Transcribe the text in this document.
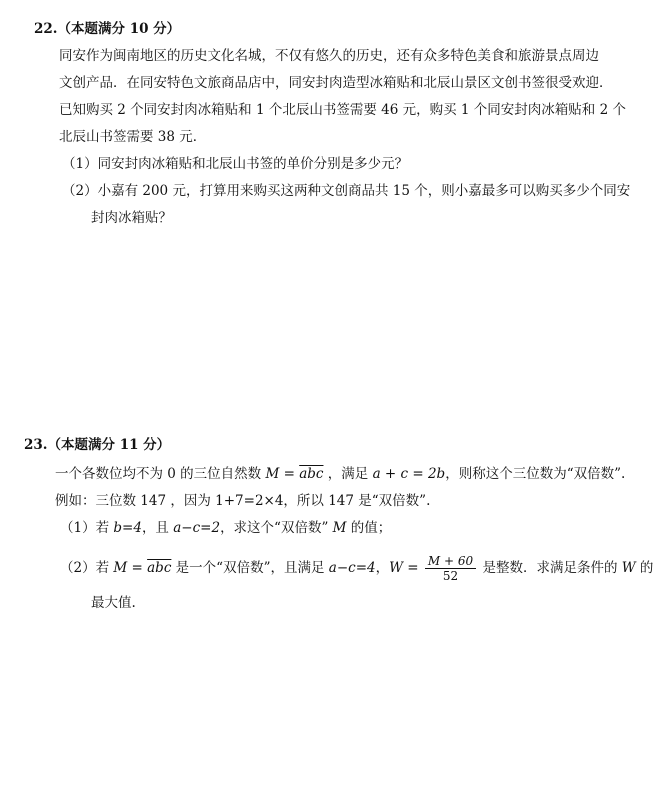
22.（本题满分 10 分）
同安作为闽南地区的历史文化名城，不仅有悠久的历史，还有众多特色美食和旅游景点周边
文创产品．在同安特色文旅商品店中，同安封肉造型冰箱贴和北辰山景区文创书签很受欢迎．
已知购买 2 个同安封肉冰箱贴和 1 个北辰山书签需要 46 元，购买 1 个同安封肉冰箱贴和 2 个
北辰山书签需要 38 元．
（1）同安封肉冰箱贴和北辰山书签的单价分别是多少元？
（2）小嘉有 200 元，打算用来购买这两种文创商品共 15 个，则小嘉最多可以购买多少个同安
封肉冰箱贴？
23.（本题满分 11 分）
一个各数位均不为 0 的三位自然数 $M = \overline{abc}$ ，满足 a + c = 2b，则称这个三位数为“双倍数”.
例如：三位数 147 ，因为 1+7=2×4，所以 147 是“双倍数”.
（1）若 b=4，且 a−c=2，求这个“双倍数” M 的值；
（2）若 $M = \overline{abc}$ 是一个“双倍数”，且满足 a−c=4，$W = \frac{M + 60}{52}$ 是整数．求满足条件的 W 的
最大值.
